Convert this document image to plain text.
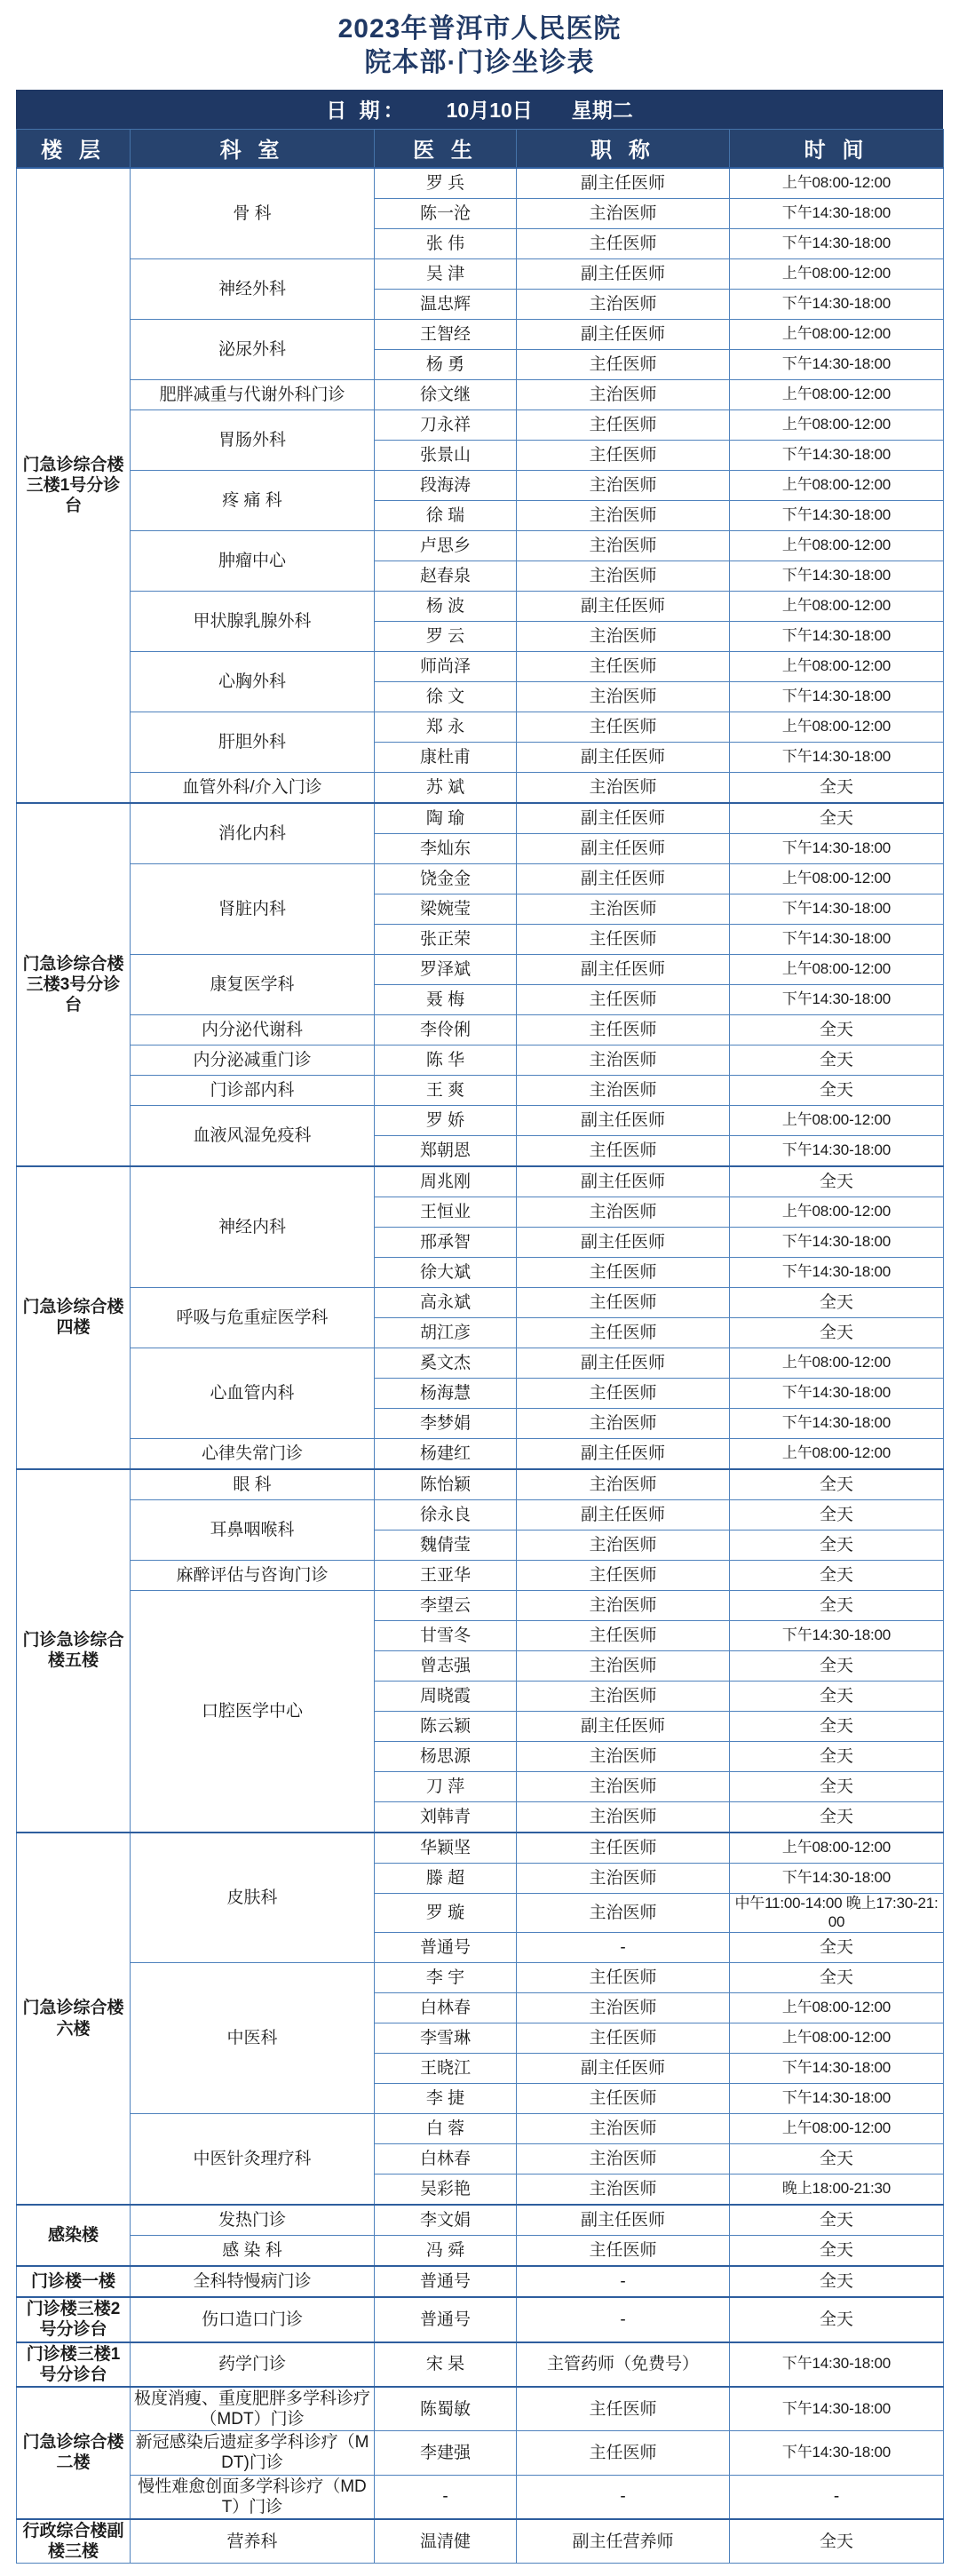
2023年普洱市人民医院
院本部·门诊坐诊表
日 期： 10月10日 星期二
楼 层	科 室	医 生	职 称	时 间
门急诊综合楼三楼1号分诊台	骨 科	罗 兵	副主任医师	上午08:00-12:00
		陈一沧	主治医师	下午14:30-18:00
		张 伟	主任医师	下午14:30-18:00
	神经外科	吴 津	副主任医师	上午08:00-12:00
		温忠辉	主治医师	下午14:30-18:00
	泌尿外科	王智经	副主任医师	上午08:00-12:00
		杨 勇	主任医师	下午14:30-18:00
	肥胖减重与代谢外科门诊	徐文继	主治医师	上午08:00-12:00
	胃肠外科	刀永祥	主任医师	上午08:00-12:00
		张景山	主任医师	下午14:30-18:00
	疼 痛 科	段海涛	主治医师	上午08:00-12:00
		徐 瑞	主治医师	下午14:30-18:00
	肿瘤中心	卢思乡	主治医师	上午08:00-12:00
		赵春泉	主治医师	下午14:30-18:00
	甲状腺乳腺外科	杨 波	副主任医师	上午08:00-12:00
		罗 云	主治医师	下午14:30-18:00
	心胸外科	师尚泽	主任医师	上午08:00-12:00
		徐 文	主治医师	下午14:30-18:00
	肝胆外科	郑 永	主任医师	上午08:00-12:00
		康杜甫	副主任医师	下午14:30-18:00
	血管外科/介入门诊	苏 斌	主治医师	全天
门急诊综合楼三楼3号分诊台	消化内科	陶 瑜	副主任医师	全天
		李灿东	副主任医师	下午14:30-18:00
	肾脏内科	饶金金	副主任医师	上午08:00-12:00
		梁婉莹	主治医师	下午14:30-18:00
		张正荣	主任医师	下午14:30-18:00
	康复医学科	罗泽斌	副主任医师	上午08:00-12:00
		聂 梅	主任医师	下午14:30-18:00
	内分泌代谢科	李伶俐	主任医师	全天
	内分泌减重门诊	陈 华	主治医师	全天
	门诊部内科	王 爽	主治医师	全天
	血液风湿免疫科	罗 娇	副主任医师	上午08:00-12:00
		郑朝恩	主任医师	下午14:30-18:00
门急诊综合楼四楼	神经内科	周兆刚	副主任医师	全天
		王恒业	主治医师	上午08:00-12:00
		邢承智	副主任医师	下午14:30-18:00
		徐大斌	主任医师	下午14:30-18:00
	呼吸与危重症医学科	高永斌	主任医师	全天
		胡江彦	主任医师	全天
	心血管内科	奚文杰	副主任医师	上午08:00-12:00
		杨海慧	主任医师	下午14:30-18:00
		李梦娟	主治医师	下午14:30-18:00
	心律失常门诊	杨建红	副主任医师	上午08:00-12:00
门诊急诊综合楼五楼	眼 科	陈怡颖	主治医师	全天
	耳鼻咽喉科	徐永良	副主任医师	全天
		魏倩莹	主治医师	全天
	麻醉评估与咨询门诊	王亚华	主任医师	全天
	口腔医学中心	李望云	主治医师	全天
		甘雪冬	主任医师	下午14:30-18:00
		曾志强	主治医师	全天
		周晓霞	主治医师	全天
		陈云颖	副主任医师	全天
		杨思源	主治医师	全天
		刀 萍	主治医师	全天
		刘韩青	主治医师	全天
门急诊综合楼六楼	皮肤科	华颖坚	主任医师	上午08:00-12:00
		滕 超	主治医师	下午14:30-18:00
		罗 璇	主治医师	中午11:00-14:00 晚上17:30-21:00
		普通号	-	全天
	中医科	李 宇	主任医师	全天
		白林春	主治医师	上午08:00-12:00
		李雪琳	主任医师	上午08:00-12:00
		王晓江	副主任医师	下午14:30-18:00
		李 捷	主任医师	下午14:30-18:00
	中医针灸理疗科	白 蓉	主治医师	上午08:00-12:00
		白林春	主治医师	全天
		吴彩艳	主治医师	晚上18:00-21:30
感染楼	发热门诊	李文娟	副主任医师	全天
	感 染 科	冯 舜	主任医师	全天
门诊楼一楼	全科特慢病门诊	普通号	-	全天
门诊楼三楼2号分诊台	伤口造口门诊	普通号	-	全天
门诊楼三楼1号分诊台	药学门诊	宋 杲	主管药师（免费号）	下午14:30-18:00
门急诊综合楼二楼	极度消瘦、重度肥胖多学科诊疗（MDT）门诊	陈蜀敏	主任医师	下午14:30-18:00
	新冠感染后遗症多学科诊疗（MDT)门诊	李建强	主任医师	下午14:30-18:00
	慢性难愈创面多学科诊疗（MDT）门诊	-	-	-
行政综合楼副楼三楼	营养科	温清健	副主任营养师	全天
